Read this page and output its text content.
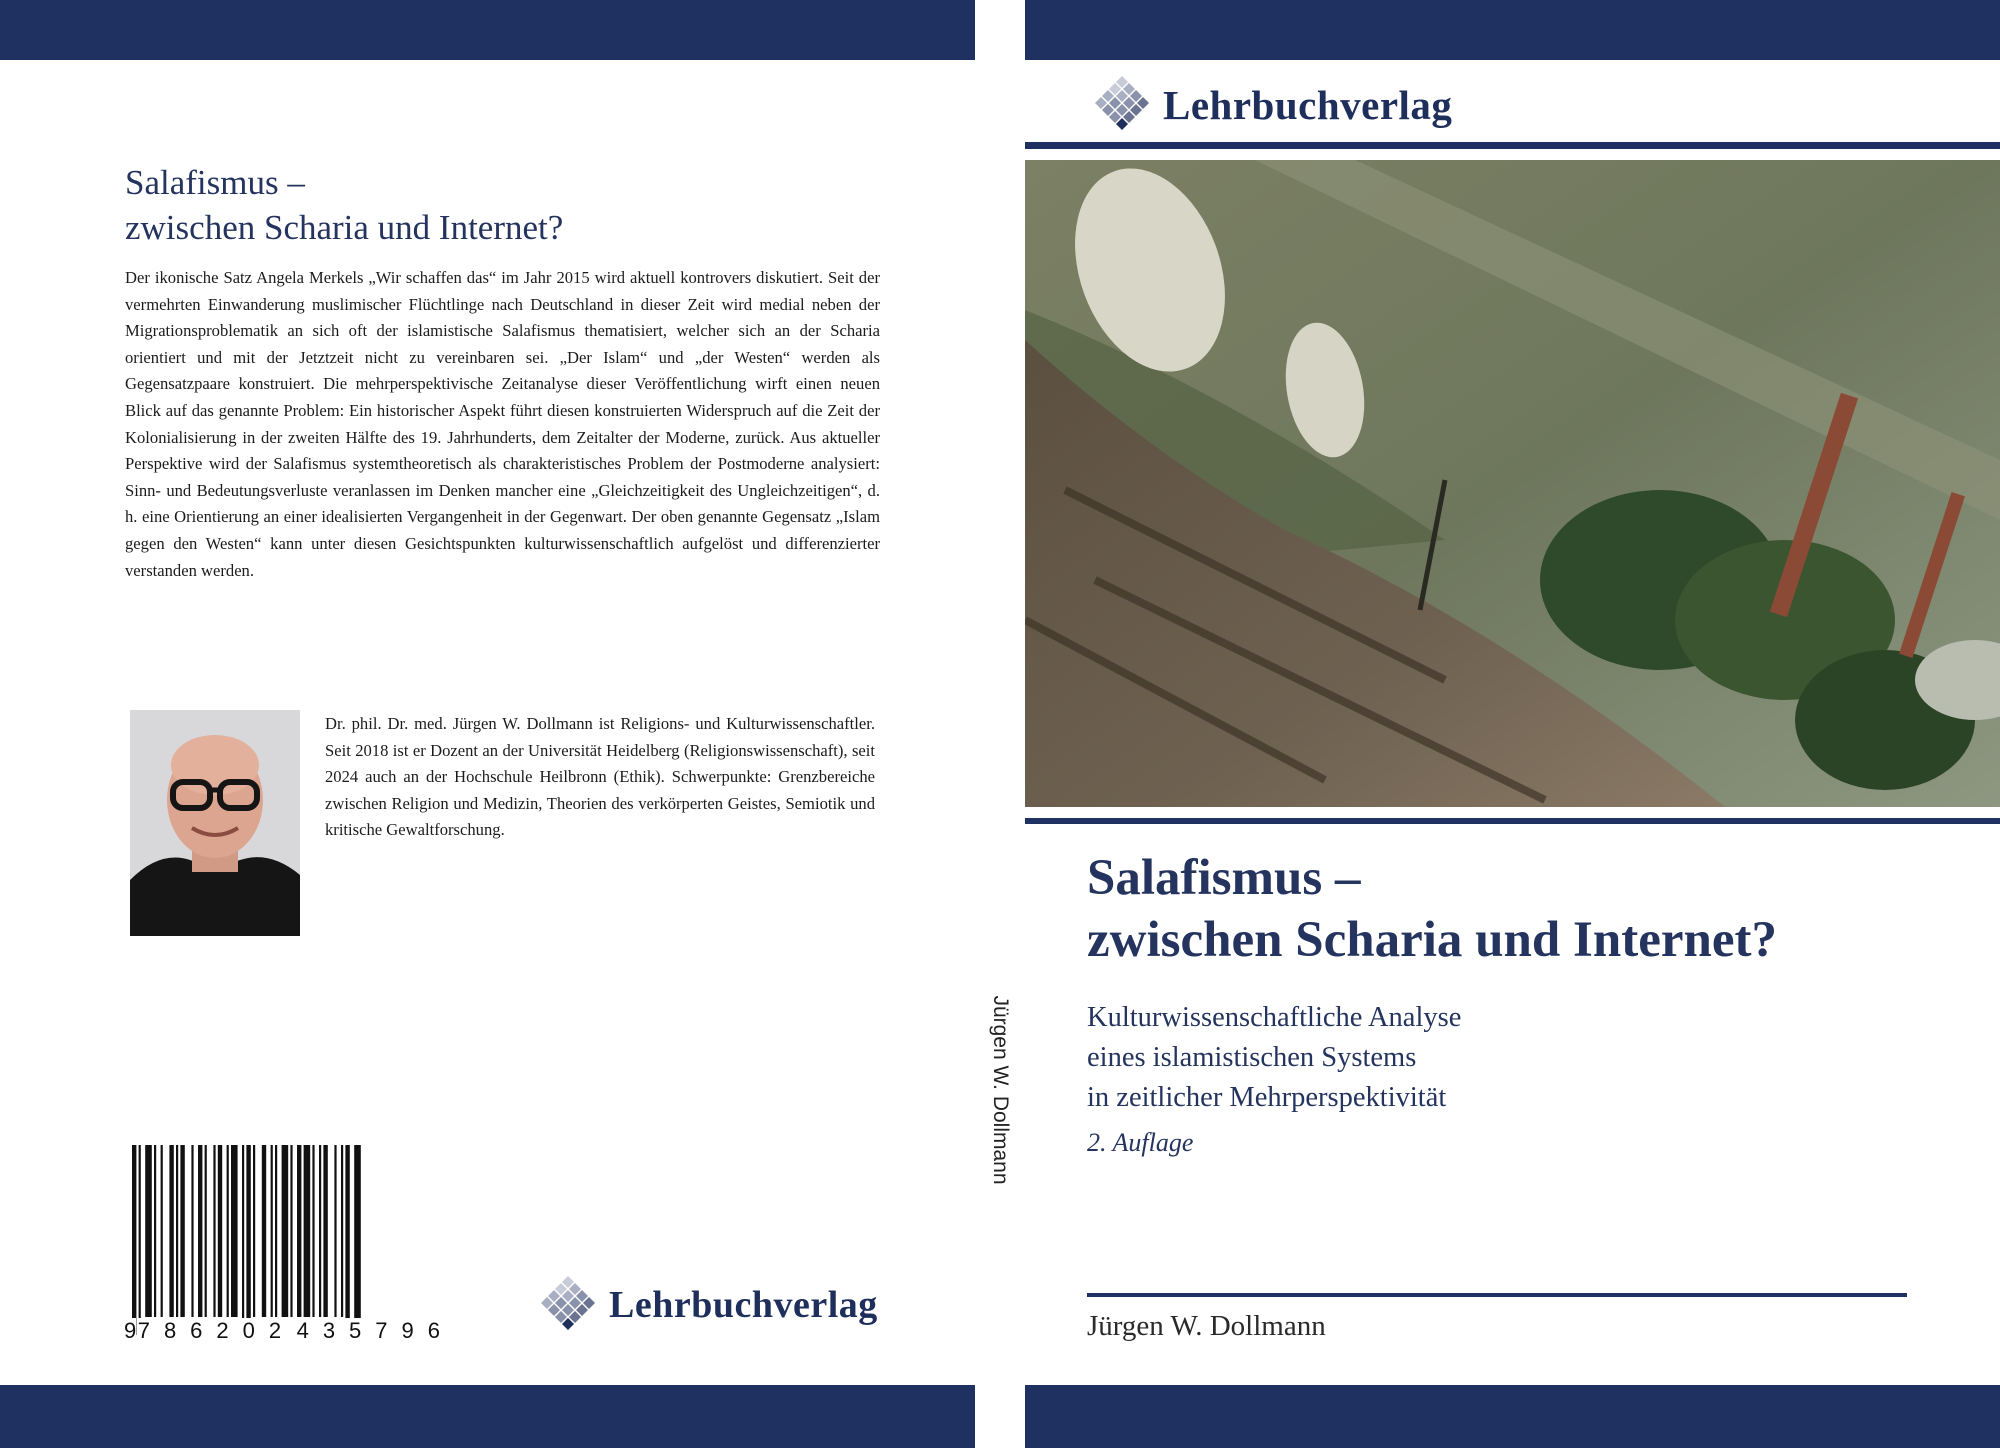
Salafismus –
zwischen Scharia und Internet?
Der ikonische Satz Angela Merkels „Wir schaffen das“ im Jahr 2015 wird aktuell kontrovers diskutiert. Seit der vermehrten Einwanderung muslimischer Flüchtlinge nach Deutschland in dieser Zeit wird medial neben der Migrationsproblematik an sich oft der islamistische Salafismus thematisiert, welcher sich an der Scharia orientiert und mit der Jetztzeit nicht zu vereinbaren sei. „Der Islam“ und „der Westen“ werden als Gegensatzpaare konstruiert. Die mehrperspektivische Zeitanalyse dieser Veröffentlichung wirft einen neuen Blick auf das genannte Problem: Ein historischer Aspekt führt diesen konstruierten Widerspruch auf die Zeit der Kolonialisierung in der zweiten Hälfte des 19. Jahrhunderts, dem Zeitalter der Moderne, zurück. Aus aktueller Perspektive wird der Salafismus systemtheoretisch als charakteristisches Problem der Postmoderne analysiert: Sinn- und Bedeutungsverluste veranlassen im Denken mancher eine „Gleichzeitigkeit des Ungleichzeitigen“, d. h. eine Orientierung an einer idealisierten Vergangenheit in der Gegenwart. Der oben genannte Gegensatz „Islam gegen den Westen“ kann unter diesen Gesichtspunkten kulturwissenschaftlich aufgelöst und differenzierter verstanden werden.
Dr. phil. Dr. med. Jürgen W. Dollmann ist Religions- und Kulturwissenschaftler. Seit 2018 ist er Dozent an der Universität Heidelberg (Religionswissenschaft), seit 2024 auch an der Hochschule Heilbronn (Ethik). Schwerpunkte: Grenzbereiche zwischen Religion und Medizin, Theorien des verkörperten Geistes, Semiotik und kritische Gewaltforschung.
9 786202 435796
Lehrbuchverlag
Jürgen W. Dollmann
Lehrbuchverlag
Salafismus –
zwischen Scharia und Internet?
Kulturwissenschaftliche Analyse
eines islamistischen Systems
in zeitlicher Mehrperspektivität
2. Auflage
Jürgen W. Dollmann
